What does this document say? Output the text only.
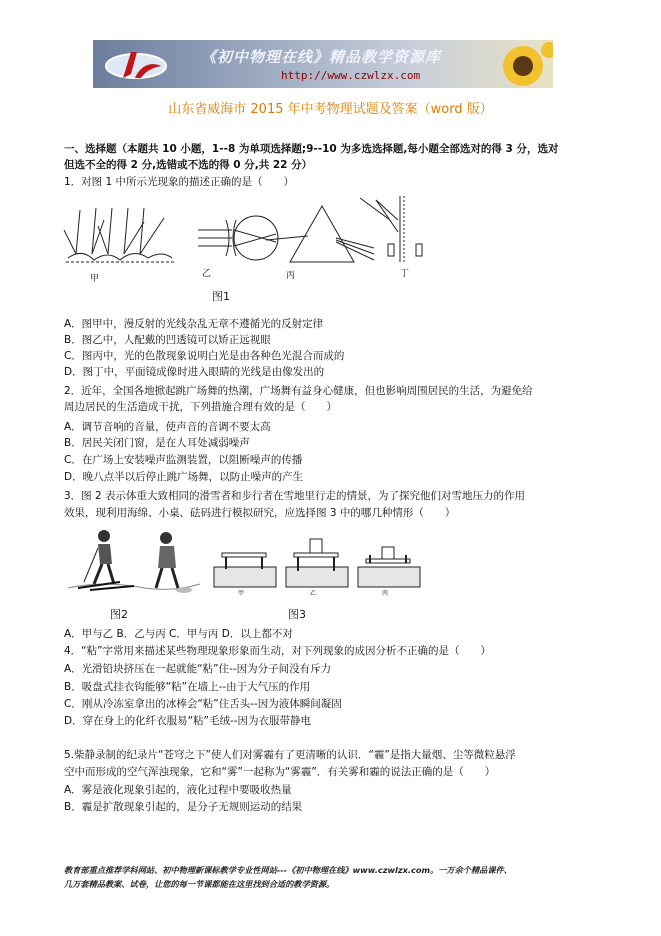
《初中物理在线》精品教学资源库
http://www.czwlzx.com
山东省威海市 2015 年中考物理试题及答案（word 版）
一、选择题（本题共 10 小题，1--8 为单项选择题;9--10 为多选选择题,每小题全部选对的得 3 分，选对
但选不全的得 2 分,选错或不选的得 0 分,共 22 分）
1．对图 1 中所示光现象的描述正确的是（　　）
甲	乙	丙	丁
图1
A．图甲中，漫反射的光线杂乱无章不遵循光的反射定律
B．图乙中，人配戴的凹透镜可以矫正远视眼
C．图丙中，光的色散现象说明白光是由各种色光混合而成的
D．图丁中，平面镜成像时进入眼睛的光线是由像发出的
2．近年，全国各地掀起跳广场舞的热潮，广场舞有益身心健康，但也影响周围居民的生活，为避免给
周边居民的生活造成干扰，下列措施合理有效的是（　　）
A．调节音响的音量，使声音的音调不要太高
B．居民关闭门窗，是在人耳处减弱噪声
C．在广场上安装噪声监测装置，以阻断噪声的传播
D．晚八点半以后停止跳广场舞，以防止噪声的产生
3．图 2 表示体重大致相同的滑雪者和步行者在雪地里行走的情景，为了探究他们对雪地压力的作用
效果，现利用海绵、小桌、砝码进行模拟研究，应选择图 3 中的哪几种情形（　　）
甲	乙	丙
图2	图3
A．甲与乙 B．乙与丙 C．甲与丙 D．以上都不对
4．“粘”字常用来描述某些物理现象形象而生动，对下列现象的成因分析不正确的是（　　）
A．光滑铅块挤压在一起就能“粘”住--因为分子间没有斥力
B．吸盘式挂衣钩能够“粘”在墙上--由于大气压的作用
C．刚从冷冻室拿出的冰棒会“粘”住舌头--因为液体瞬间凝固
D．穿在身上的化纤衣服易“粘”毛绒--因为衣服带静电
5.柴静录制的纪录片“苍穹之下”使人们对雾霾有了更清晰的认识．“霾”是指大量烟、尘等微粒悬浮
空中而形成的空气浑浊现象，它和“雾”一起称为“雾霾”．有关雾和霾的说法正确的是（　　）
A．雾是液化现象引起的，液化过程中要吸收热量
B．霾是扩散现象引起的，是分子无规则运动的结果
教育部重点推荐学科网站、初中物理新课标教学专业性网站---《初中物理在线》www.czwlzx.com。一万余个精品课件、
几万套精品教案、试卷，让您的每一节课都能在这里找到合适的教学资源。
